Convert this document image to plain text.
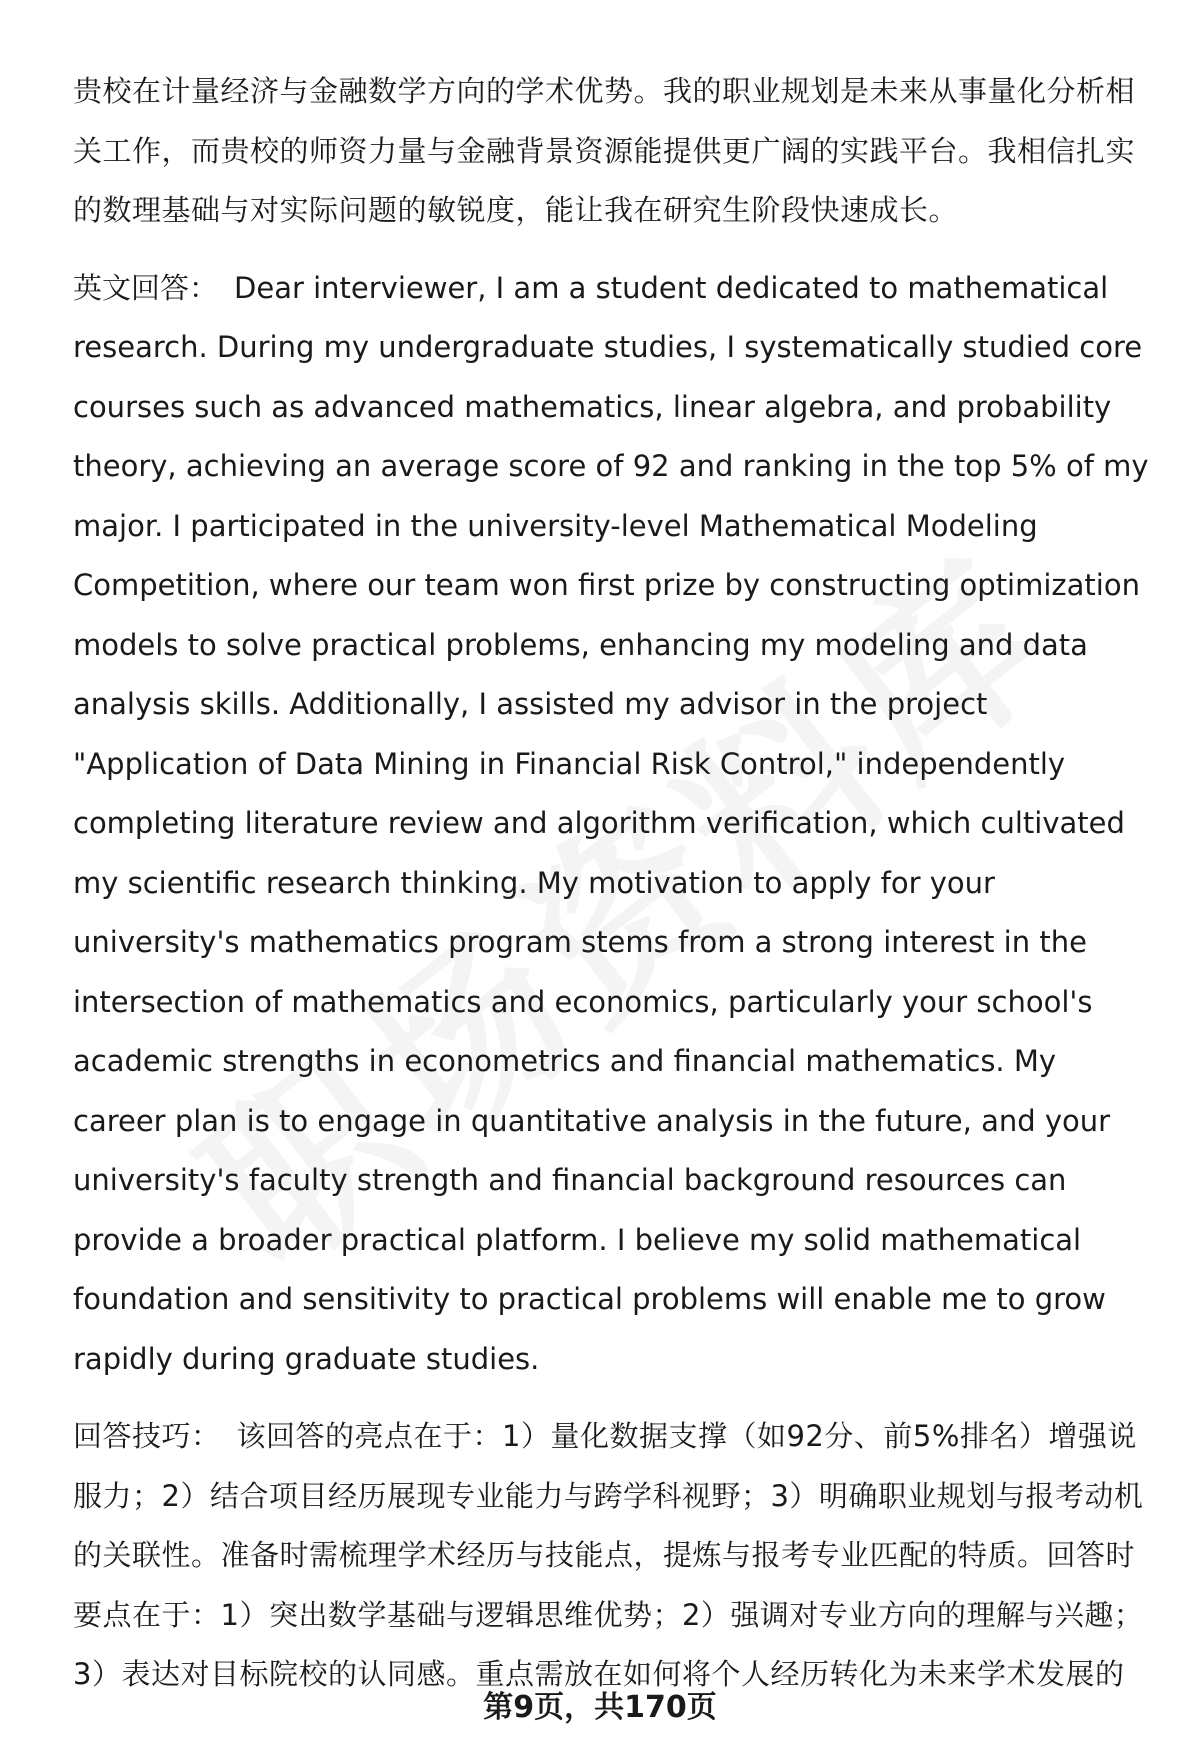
贵校在计量经济与金融数学方向的学术优势。我的职业规划是未来从事量化分析相关工作，而贵校的师资力量与金融背景资源能提供更广阔的实践平台。我相信扎实的数理基础与对实际问题的敏锐度，能让我在研究生阶段快速成长。

英文回答： Dear interviewer, I am a student dedicated to mathematical research. During my undergraduate studies, I systematically studied core courses such as advanced mathematics, linear algebra, and probability theory, achieving an average score of 92 and ranking in the top 5% of my major. I participated in the university-level Mathematical Modeling Competition, where our team won first prize by constructing optimization models to solve practical problems, enhancing my modeling and data analysis skills. Additionally, I assisted my advisor in the project "Application of Data Mining in Financial Risk Control," independently completing literature review and algorithm verification, which cultivated my scientific research thinking. My motivation to apply for your university's mathematics program stems from a strong interest in the intersection of mathematics and economics, particularly your school's academic strengths in econometrics and financial mathematics. My career plan is to engage in quantitative analysis in the future, and your university's faculty strength and financial background resources can provide a broader practical platform. I believe my solid mathematical foundation and sensitivity to practical problems will enable me to grow rapidly during graduate studies.

回答技巧： 该回答的亮点在于：1）量化数据支撑（如92分、前5%排名）增强说服力；2）结合项目经历展现专业能力与跨学科视野；3）明确职业规划与报考动机的关联性。准备时需梳理学术经历与技能点，提炼与报考专业匹配的特质。回答时要点在于：1）突出数学基础与逻辑思维优势；2）强调对专业方向的理解与兴趣；3）表达对目标院校的认同感。重点需放在如何将个人经历转化为未来学术发展的

第9页，共170页
